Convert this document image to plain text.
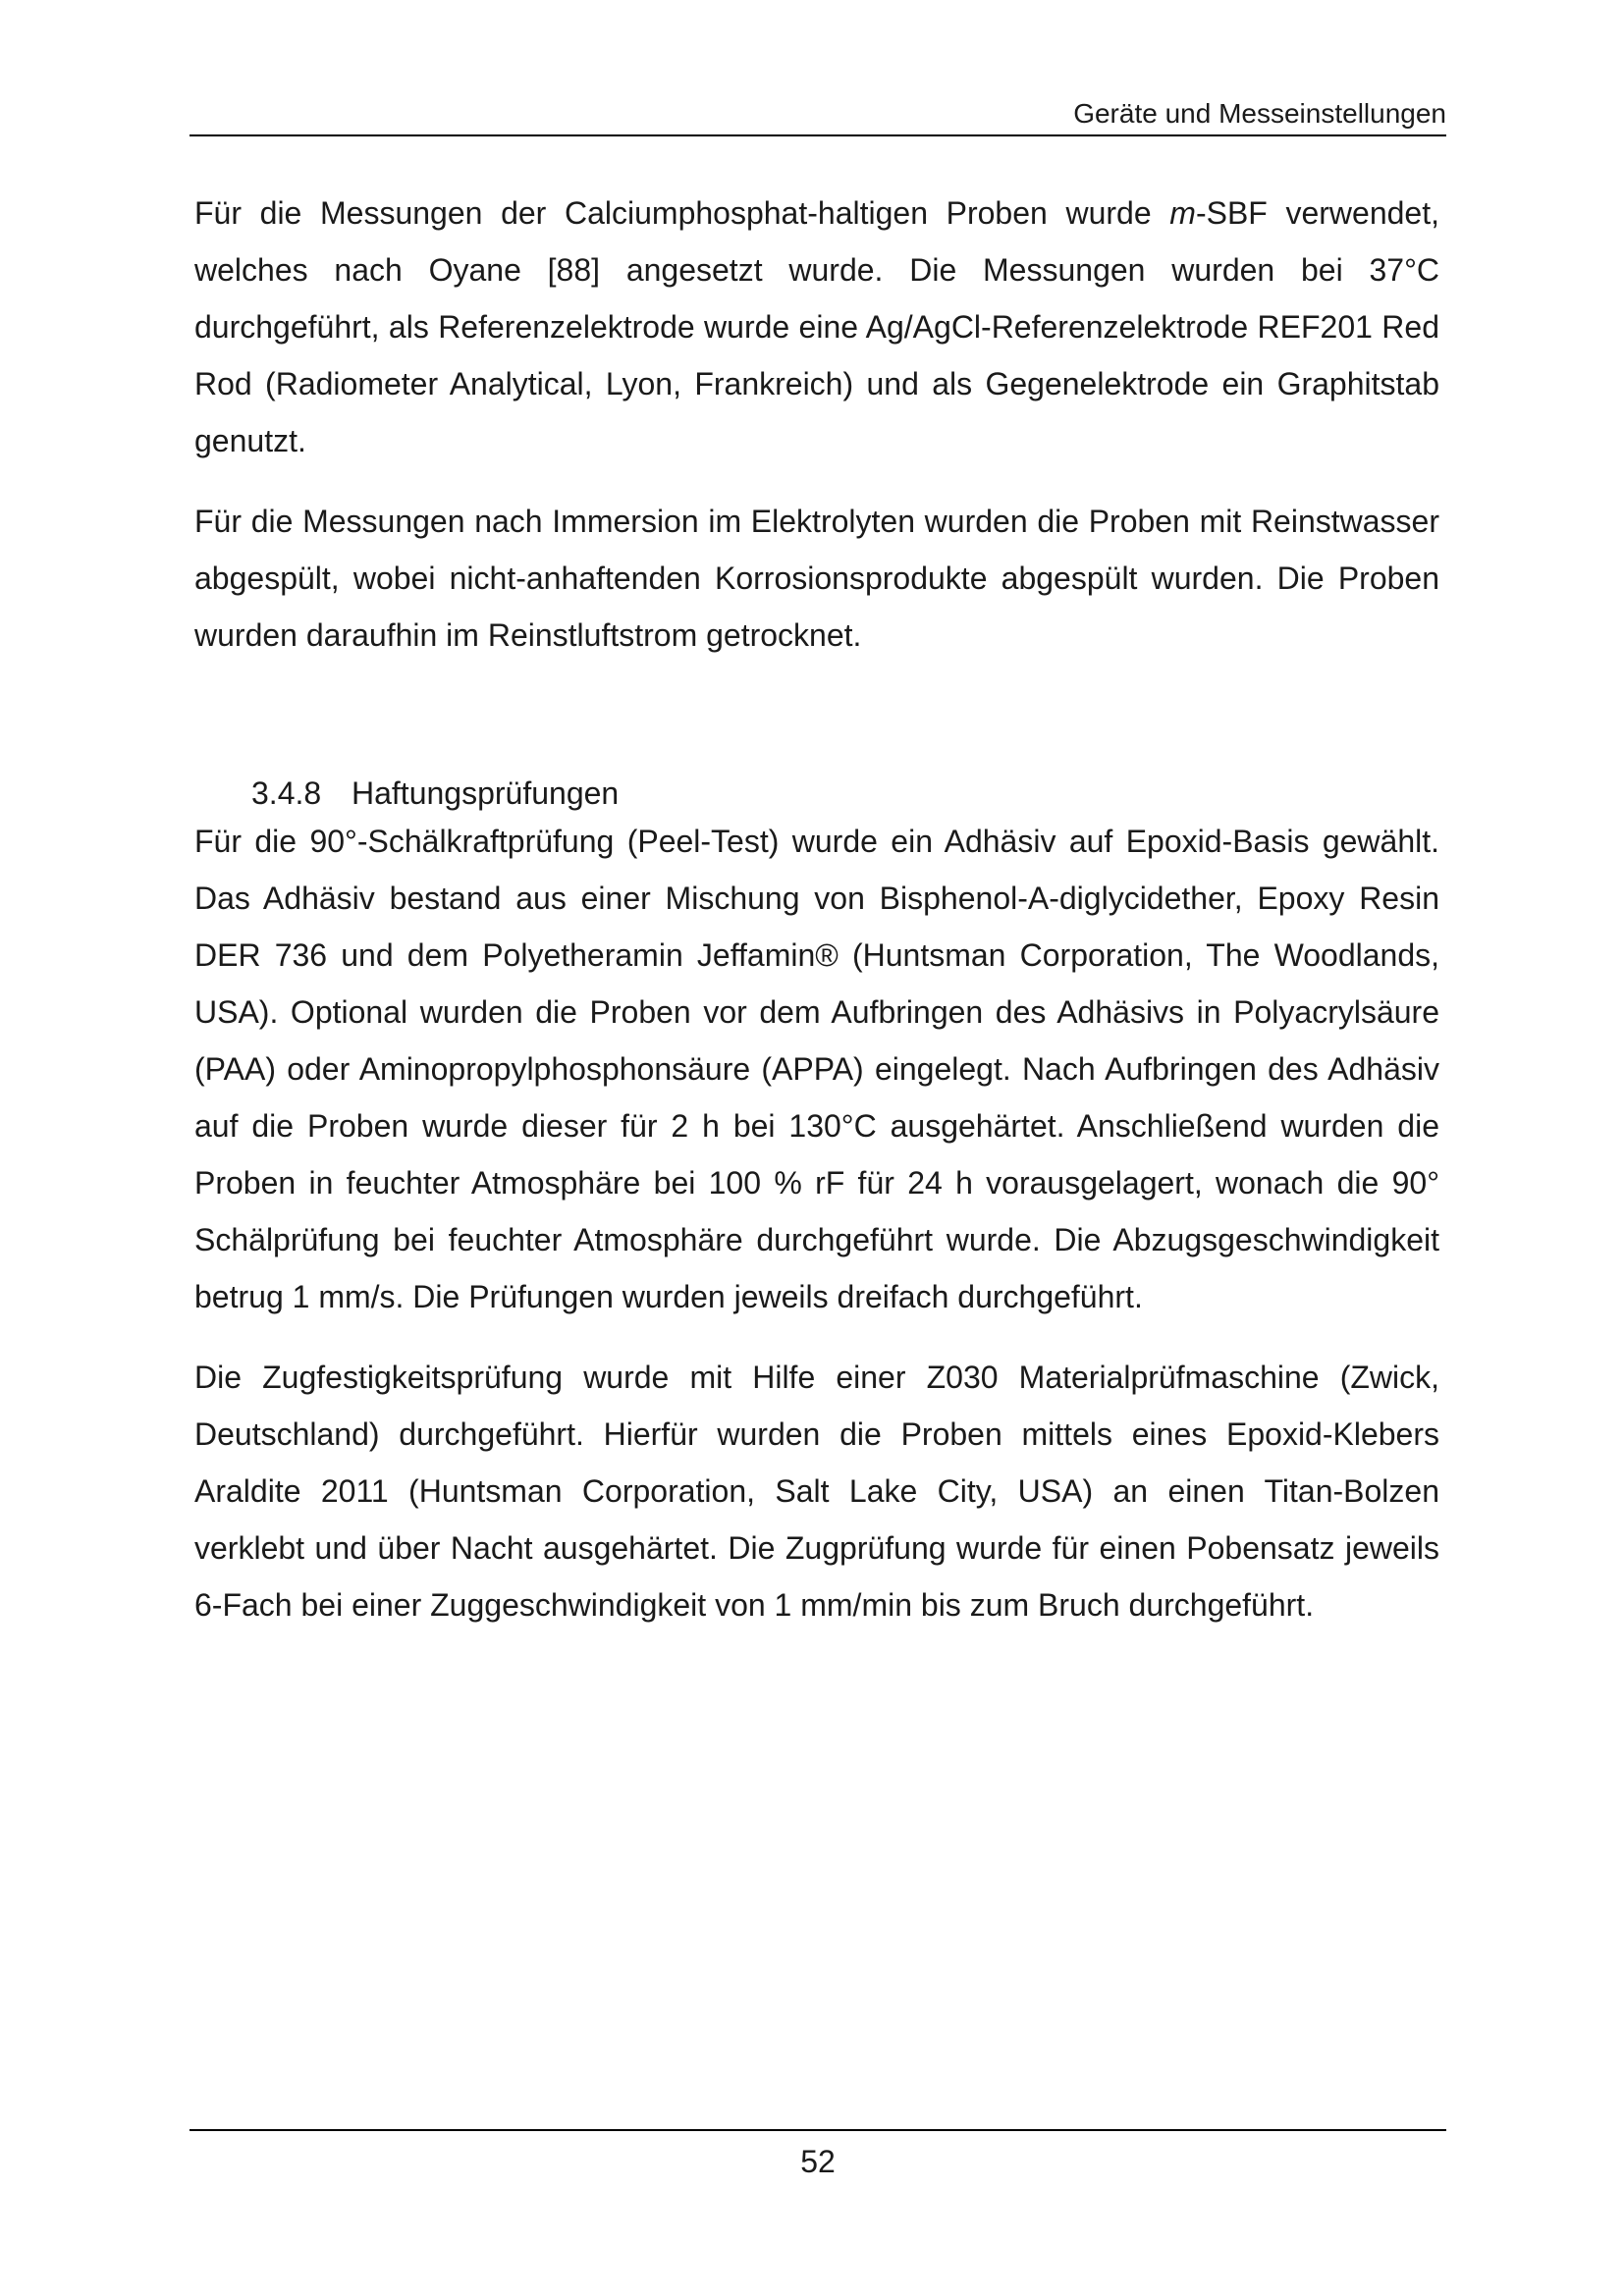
Geräte und Messeinstellungen

Für die Messungen der Calciumphosphat-haltigen Proben wurde m-SBF verwendet, welches nach Oyane [88] angesetzt wurde. Die Messungen wurden bei 37°C durchgeführt, als Referenzelektrode wurde eine Ag/AgCl-Referenzelektrode REF201 Red Rod (Radiometer Analytical, Lyon, Frankreich) und als Gegenelektrode ein Graphitstab genutzt.

Für die Messungen nach Immersion im Elektrolyten wurden die Proben mit Reinstwasser abgespült, wobei nicht-anhaftenden Korrosionsprodukte abgespült wurden. Die Proben wurden daraufhin im Reinstluftstrom getrocknet.

3.4.8 Haftungsprüfungen

Für die 90°-Schälkraftprüfung (Peel-Test) wurde ein Adhäsiv auf Epoxid-Basis gewählt. Das Adhäsiv bestand aus einer Mischung von Bisphenol-A-diglycidether, Epoxy Resin DER 736 und dem Polyetheramin Jeffamin® (Huntsman Corporation, The Woodlands, USA). Optional wurden die Proben vor dem Aufbringen des Adhäsivs in Polyacrylsäure (PAA) oder Aminopropylphosphonsäure (APPA) eingelegt. Nach Aufbringen des Adhäsiv auf die Proben wurde dieser für 2 h bei 130°C ausgehärtet. Anschließend wurden die Proben in feuchter Atmosphäre bei 100 % rF für 24 h vorausgelagert, wonach die 90° Schälprüfung bei feuchter Atmosphäre durchgeführt wurde. Die Abzugsgeschwindigkeit betrug 1 mm/s. Die Prüfungen wurden jeweils dreifach durchgeführt.

Die Zugfestigkeitsprüfung wurde mit Hilfe einer Z030 Materialprüfmaschine (Zwick, Deutschland) durchgeführt. Hierfür wurden die Proben mittels eines Epoxid-Klebers Araldite 2011 (Huntsman Corporation, Salt Lake City, USA) an einen Titan-Bolzen verklebt und über Nacht ausgehärtet. Die Zugprüfung wurde für einen Pobensatz jeweils 6-Fach bei einer Zuggeschwindigkeit von 1 mm/min bis zum Bruch durchgeführt.

52
